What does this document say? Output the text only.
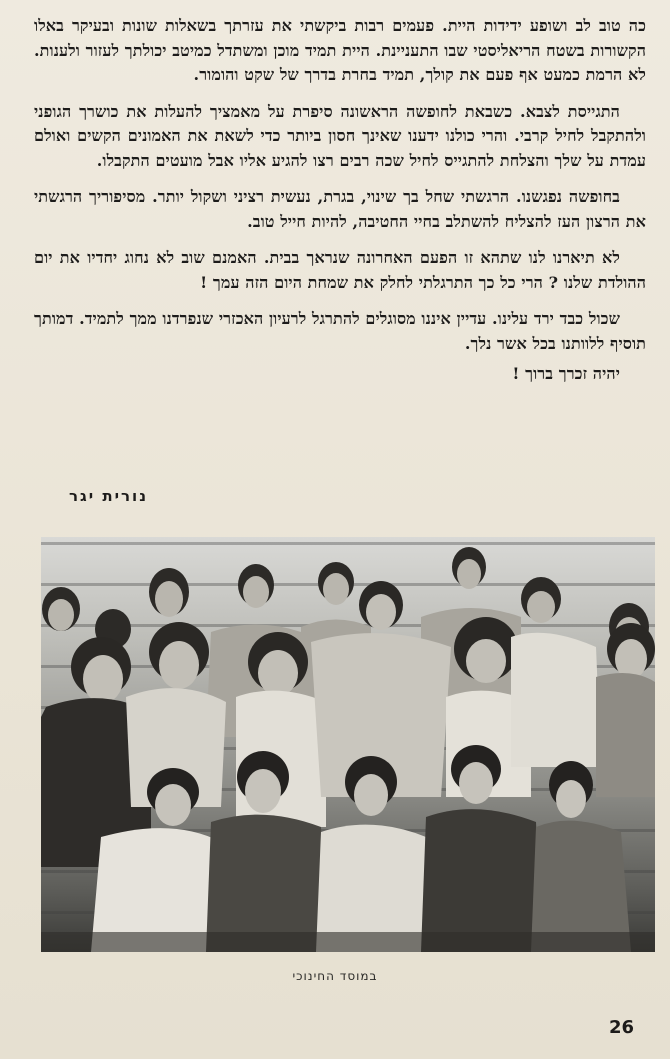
כה טוב לב ושופע ידידות היית. פעמים רבות ביקשתי את עזרתך בשאלות שונות ובעיקר באלו הקשורות בשטח הריאליסטי שבו התעניינת. היית תמיד מוכן ומשתדל כמיטב יכולתך לעזור ולענות. לא הרמת כמעט אף פעם את קולך, תמיד בחרת בדרך של שקט והומור.

התגייסת לצבא. כשבאת לחופשה הראשונה סיפרת על מאמציך להעלות את כושרך הגופני ולהתקבל לחיל קרבי. והרי כולנו ידענו שאינך חסון ביותר כדי לשאת את האמונים הקשים ואולם עמדת על שלך והצלחת להתגייס לחיל שכה רבים רצו להגיע אליו אבל מועטים התקבלו.

בחופשה נפגשנו. הרגשתי שחל בך שינוי, בגרת, נעשית רציני ושקול יותר. מסיפוריך הרגשתי את הרצון העז להצליח להשתלב בחיי החטיבה, להיות חייל טוב.

לא תיארנו לנו שתהא זו הפעם האחרונה שנראך בבית. האמנם שוב לא נחוג יחדיו את יום ההולדת שלנו ? הרי כל כך התרגלתי לחלק את שמחת היום הזה עמך !

שכול כבד ירד עלינו. עדיין איננו מסוגלים להתרגל לרעיון האכזרי שנפרדנו ממך לתמיד. דמותך תוסיף ללוותנו בכל אשר נלך.

יהיה זכרך ברוך !

נורית יגר
במוסד החינוכי
26
